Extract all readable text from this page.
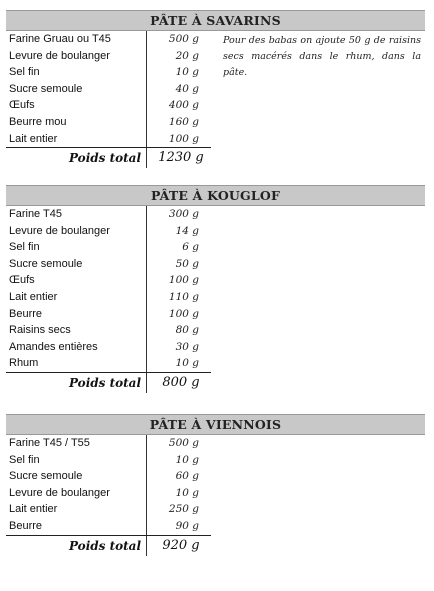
PÂTE À SAVARINS
Farine Gruau ou T45	500 g
Levure de boulanger	20 g
Sel fin	10 g
Sucre semoule	40 g
Œufs	400 g
Beurre mou	160 g
Lait entier	100 g
Poids total	1230 g
Pour des babas on ajoute 50 g de raisins secs macérés dans le rhum, dans la pâte.
PÂTE À KOUGLOF
Farine T45	300 g
Levure de boulanger	14 g
Sel fin	6 g
Sucre semoule	50 g
Œufs	100 g
Lait entier	110 g
Beurre	100 g
Raisins secs	80 g
Amandes entières	30 g
Rhum	10 g
Poids total	800 g
PÂTE À VIENNOIS
Farine T45 / T55	500 g
Sel fin	10 g
Sucre semoule	60 g
Levure de boulanger	10 g
Lait entier	250 g
Beurre	90 g
Poids total	920 g
